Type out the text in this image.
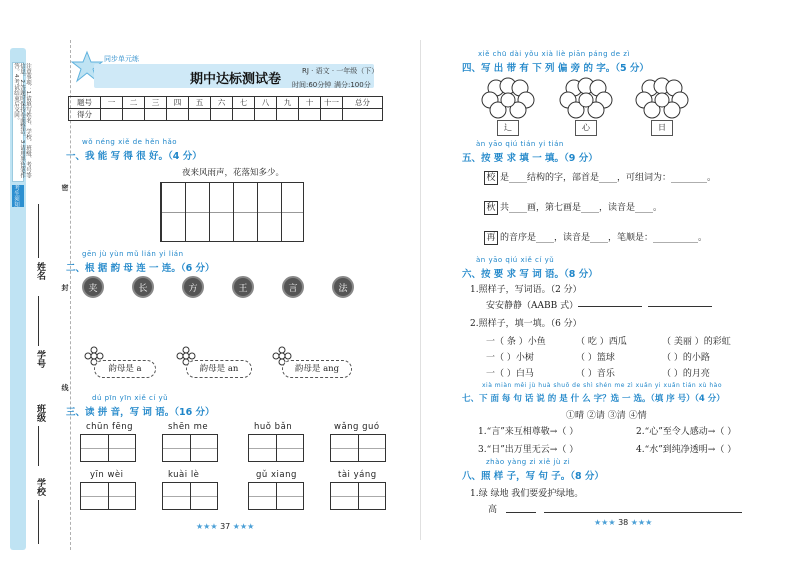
注意事项：1.请填写姓名、学校、班级、考号等信息。2.答题时保持卷面整洁。3.请用黑色笔作答。4.考试结束后交回。
考生须知	密
封
线
姓名
学号
班级
学校
同步单元练
期中达标测试卷
RJ · 语文 · 一年级（下）
时间:60分钟 满分:100分
题号	一	二	三	四	五	六	七	八	九	十	十一	总分
得分												
wǒ néng xiě de hěn hǎo
一、我 能 写 得 很 好。（4 分）
夜来风雨声，花落知多少。
gēn jù yùn mǔ lián yi lián
二、根 据 韵 母 连 一 连。（6 分）
夹	长	方	王	言	法
韵母是 a	韵母是 an	韵母是 ang
dú pīn yīn xiě cí yǔ
三、读 拼 音，写 词 语。（16 分）
chūn fēng	shēn me	huǒ bǎn	wǎng guó
yīn wèi	kuài lè	gǔ xiang	tài yáng
★★★ 37 ★★★
xiě chū dài yǒu xià liè piān páng de zì
四、写 出 带 有 下 列 偏 旁 的 字。（5 分）
辶	心	日
àn yāo qiú tián yi tián
五、按 要 求 填 一 填。（9 分）
校 是____结构的字，部首是____，可组词为：________。
秋 共____画，第七画是____，读音是____。
再 的音序是____，读音是____，笔顺是：__________。
àn yāo qiú xiě cí yǔ
六、按 要 求 写 词 语。（8 分）
1.照样子，写词语。（2 分）
安安静静（AABB 式）
2.照样子，填一填。（6 分）
一（ 条 ）小鱼	（ 吃 ）西瓜	（ 美丽 ）的彩虹
一（ ）小树	（ ）篮球	（ ）的小路
一（ ）白马	（ ）音乐	（ ）的月亮
xià miàn měi jù huà shuō de shì shén me zì xuǎn yi xuǎn tián xù hào
七、下 面 每 句 话 说 的 是 什 么 字？选 一 选。（填 序 号）（4 分）
①晴 ②请 ③清 ④情
1.“言”来互相尊敬→（ ）	2.“心”至令人感动→（ ）
3.“日”出万里无云→（ ）	4.“水”到纯净透明→（ ）
zhào yàng zi xiě jù zi
八、照 样 子，写 句 子。（8 分）
1.绿 绿地 我们要爱护绿地。
高
★★★ 38 ★★★
